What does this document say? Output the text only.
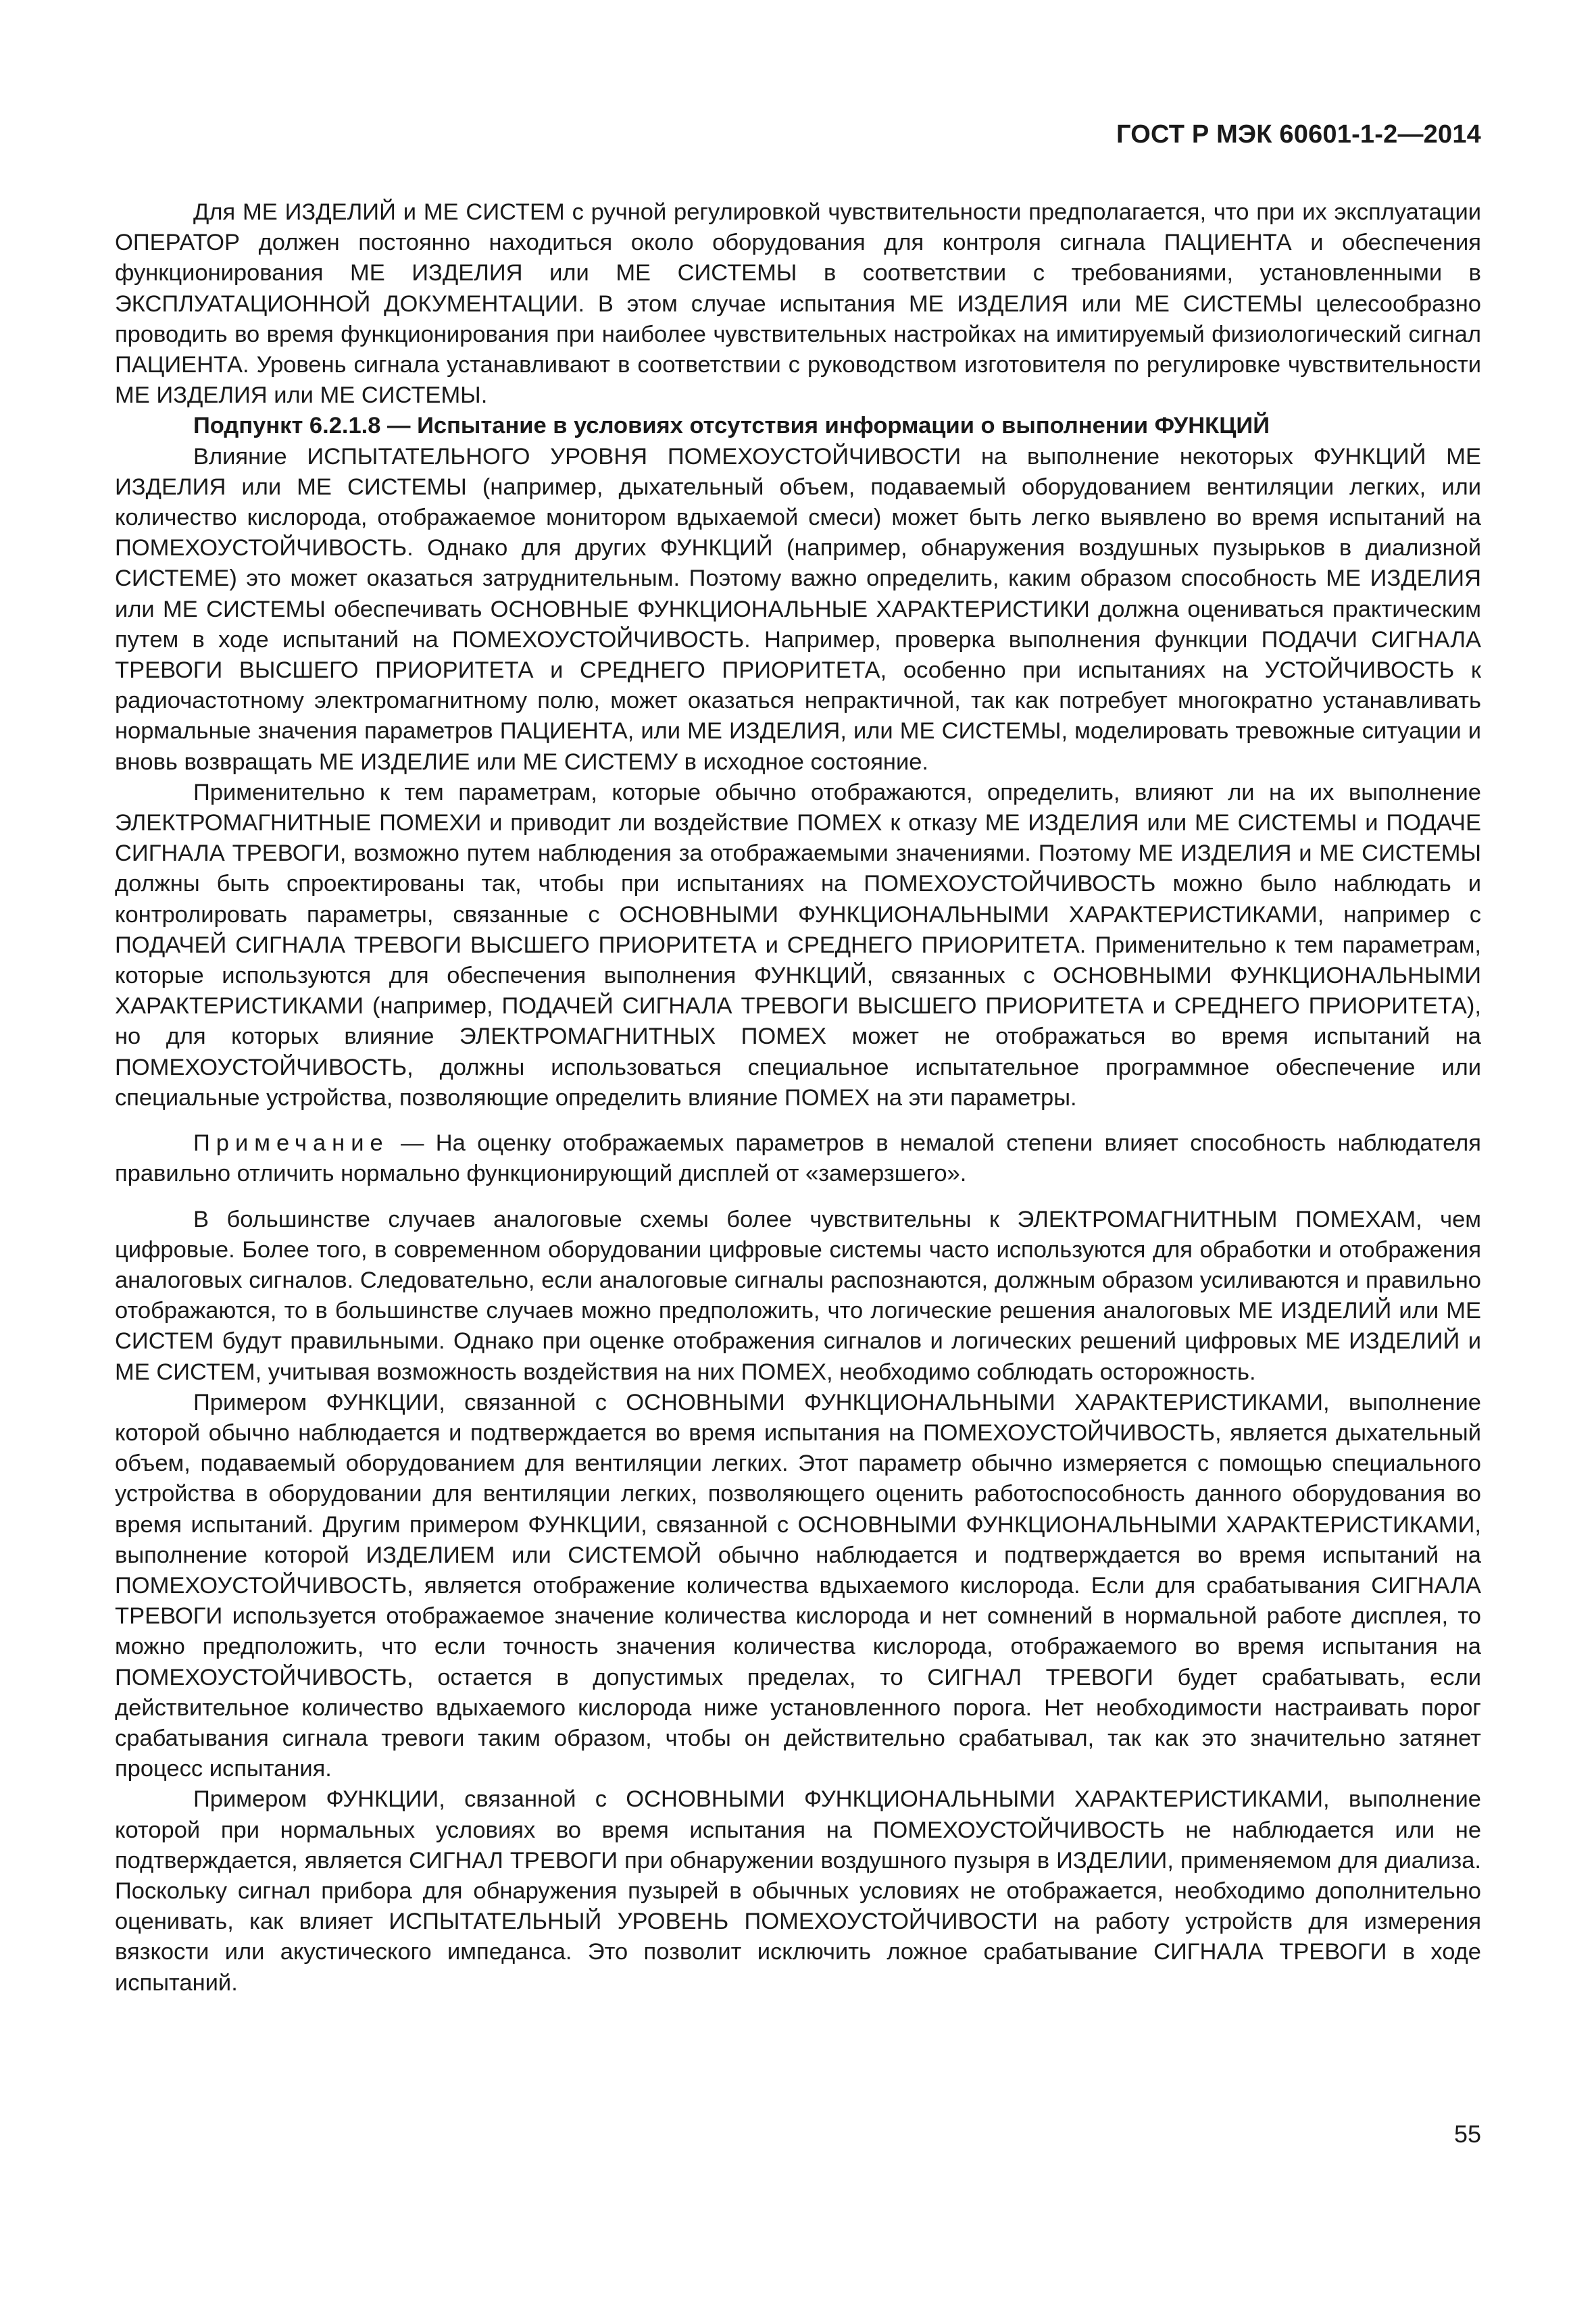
ГОСТ Р МЭК 60601-1-2—2014

Для МЕ ИЗДЕЛИЙ и МЕ СИСТЕМ с ручной регулировкой чувствительности предполагается, что при их эксплуатации ОПЕРАТОР должен постоянно находиться около оборудования для контроля сигнала ПАЦИЕНТА и обеспечения функционирования МЕ ИЗДЕЛИЯ или МЕ СИСТЕМЫ в соответствии с требованиями, установленными в ЭКСПЛУАТАЦИОННОЙ ДОКУМЕНТАЦИИ. В этом случае испытания МЕ ИЗДЕЛИЯ или МЕ СИСТЕМЫ целесообразно проводить во время функционирования при наиболее чувствительных настройках на имитируемый физиологический сигнал ПАЦИЕНТА. Уровень сигнала устанавливают в соответствии с руководством изготовителя по регулировке чувствительности МЕ ИЗДЕЛИЯ или МЕ СИСТЕМЫ.

Подпункт 6.2.1.8 — Испытание в условиях отсутствия информации о выполнении ФУНКЦИЙ

Влияние ИСПЫТАТЕЛЬНОГО УРОВНЯ ПОМЕХОУСТОЙЧИВОСТИ на выполнение некоторых ФУНКЦИЙ МЕ ИЗДЕЛИЯ или МЕ СИСТЕМЫ (например, дыхательный объем, подаваемый оборудованием вентиляции легких, или количество кислорода, отображаемое монитором вдыхаемой смеси) может быть легко выявлено во время испытаний на ПОМЕХОУСТОЙЧИВОСТЬ. Однако для других ФУНКЦИЙ (например, обнаружения воздушных пузырьков в диализной СИСТЕМЕ) это может оказаться затруднительным. Поэтому важно определить, каким образом способность МЕ ИЗДЕЛИЯ или МЕ СИСТЕМЫ обеспечивать ОСНОВНЫЕ ФУНКЦИОНАЛЬНЫЕ ХАРАКТЕРИСТИКИ должна оцениваться практическим путем в ходе испытаний на ПОМЕХОУСТОЙЧИВОСТЬ. Например, проверка выполнения функции ПОДАЧИ СИГНАЛА ТРЕВОГИ ВЫСШЕГО ПРИОРИТЕТА и СРЕДНЕГО ПРИОРИТЕТА, особенно при испытаниях на УСТОЙЧИВОСТЬ к радиочастотному электромагнитному полю, может оказаться непрактичной, так как потребует многократно устанавливать нормальные значения параметров ПАЦИЕНТА, или МЕ ИЗДЕЛИЯ, или МЕ СИСТЕМЫ, моделировать тревожные ситуации и вновь возвращать МЕ ИЗДЕЛИЕ или МЕ СИСТЕМУ в исходное состояние.

Применительно к тем параметрам, которые обычно отображаются, определить, влияют ли на их выполнение ЭЛЕКТРОМАГНИТНЫЕ ПОМЕХИ и приводит ли воздействие ПОМЕХ к отказу МЕ ИЗДЕЛИЯ или МЕ СИСТЕМЫ и ПОДАЧЕ СИГНАЛА ТРЕВОГИ, возможно путем наблюдения за отображаемыми значениями. Поэтому МЕ ИЗДЕЛИЯ и МЕ СИСТЕМЫ должны быть спроектированы так, чтобы при испытаниях на ПОМЕХОУСТОЙЧИВОСТЬ можно было наблюдать и контролировать параметры, связанные с ОСНОВНЫМИ ФУНКЦИОНАЛЬНЫМИ ХАРАКТЕРИСТИКАМИ, например с ПОДАЧЕЙ СИГНАЛА ТРЕВОГИ ВЫСШЕГО ПРИОРИТЕТА и СРЕДНЕГО ПРИОРИТЕТА. Применительно к тем параметрам, которые используются для обеспечения выполнения ФУНКЦИЙ, связанных с ОСНОВНЫМИ ФУНКЦИОНАЛЬНЫМИ ХАРАКТЕРИСТИКАМИ (например, ПОДАЧЕЙ СИГНАЛА ТРЕВОГИ ВЫСШЕГО ПРИОРИТЕТА и СРЕДНЕГО ПРИОРИТЕТА), но для которых влияние ЭЛЕКТРОМАГНИТНЫХ ПОМЕХ может не отображаться во время испытаний на ПОМЕХОУСТОЙЧИВОСТЬ, должны использоваться специальное испытательное программное обеспечение или специальные устройства, позволяющие определить влияние ПОМЕХ на эти параметры.

Примечание — На оценку отображаемых параметров в немалой степени влияет способность наблюдателя правильно отличить нормально функционирующий дисплей от «замерзшего».

В большинстве случаев аналоговые схемы более чувствительны к ЭЛЕКТРОМАГНИТНЫМ ПОМЕХАМ, чем цифровые. Более того, в современном оборудовании цифровые системы часто используются для обработки и отображения аналоговых сигналов. Следовательно, если аналоговые сигналы распознаются, должным образом усиливаются и правильно отображаются, то в большинстве случаев можно предположить, что логические решения аналоговых МЕ ИЗДЕЛИЙ или МЕ СИСТЕМ будут правильными. Однако при оценке отображения сигналов и логических решений цифровых МЕ ИЗДЕЛИЙ и МЕ СИСТЕМ, учитывая возможность воздействия на них ПОМЕХ, необходимо соблюдать осторожность.

Примером ФУНКЦИИ, связанной с ОСНОВНЫМИ ФУНКЦИОНАЛЬНЫМИ ХАРАКТЕРИСТИКАМИ, выполнение которой обычно наблюдается и подтверждается во время испытания на ПОМЕХОУСТОЙЧИВОСТЬ, является дыхательный объем, подаваемый оборудованием для вентиляции легких. Этот параметр обычно измеряется с помощью специального устройства в оборудовании для вентиляции легких, позволяющего оценить работоспособность данного оборудования во время испытаний. Другим примером ФУНКЦИИ, связанной с ОСНОВНЫМИ ФУНКЦИОНАЛЬНЫМИ ХАРАКТЕРИСТИКАМИ, выполнение которой ИЗДЕЛИЕМ или СИСТЕМОЙ обычно наблюдается и подтверждается во время испытаний на ПОМЕХОУСТОЙЧИВОСТЬ, является отображение количества вдыхаемого кислорода. Если для срабатывания СИГНАЛА ТРЕВОГИ используется отображаемое значение количества кислорода и нет сомнений в нормальной работе дисплея, то можно предположить, что если точность значения количества кислорода, отображаемого во время испытания на ПОМЕХОУСТОЙЧИВОСТЬ, остается в допустимых пределах, то СИГНАЛ ТРЕВОГИ будет срабатывать, если действительное количество вдыхаемого кислорода ниже установленного порога. Нет необходимости настраивать порог срабатывания сигнала тревоги таким образом, чтобы он действительно срабатывал, так как это значительно затянет процесс испытания.

Примером ФУНКЦИИ, связанной с ОСНОВНЫМИ ФУНКЦИОНАЛЬНЫМИ ХАРАКТЕРИСТИКАМИ, выполнение которой при нормальных условиях во время испытания на ПОМЕХОУСТОЙЧИВОСТЬ не наблюдается или не подтверждается, является СИГНАЛ ТРЕВОГИ при обнаружении воздушного пузыря в ИЗДЕЛИИ, применяемом для диализа. Поскольку сигнал прибора для обнаружения пузырей в обычных условиях не отображается, необходимо дополнительно оценивать, как влияет ИСПЫТАТЕЛЬНЫЙ УРОВЕНЬ ПОМЕХОУСТОЙЧИВОСТИ на работу устройств для измерения вязкости или акустического импеданса. Это позволит исключить ложное срабатывание СИГНАЛА ТРЕВОГИ в ходе испытаний.

55
